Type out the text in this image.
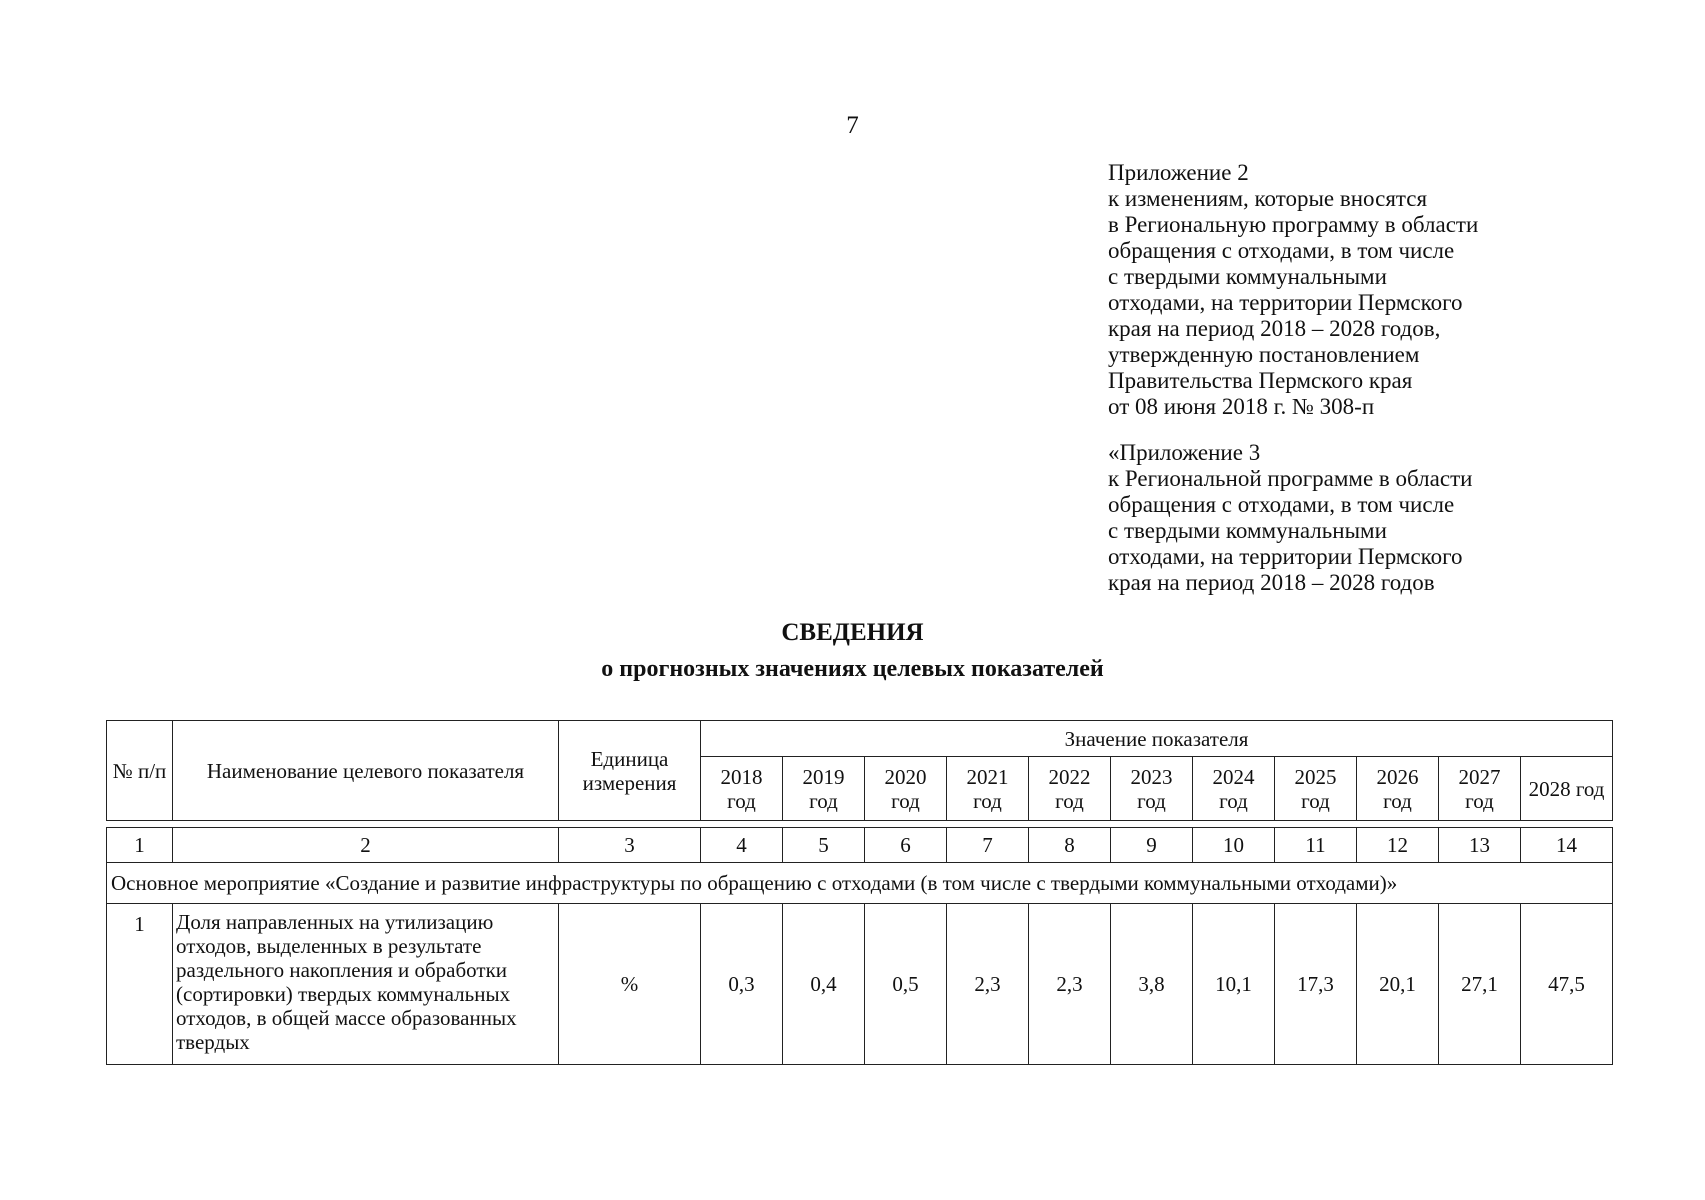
7
Приложение 2
к изменениям, которые вносятся
в Региональную программу в области
обращения с отходами, в том числе
с твердыми коммунальными
отходами, на территории Пермского
края на период 2018 – 2028 годов,
утвержденную постановлением
Правительства Пермского края
от 08 июня 2018 г. № 308-п
«Приложение 3
к Региональной программе в области
обращения с отходами, в том числе
с твердыми коммунальными
отходами, на территории Пермского
края на период 2018 – 2028 годов
СВЕДЕНИЯ
о прогнозных значениях целевых показателей
№ п/п	Наименование целевого показателя	Единица измерения	Значение показателя										
			2018 год	2019 год	2020 год	2021 год	2022 год	2023 год	2024 год	2025 год	2026 год	2027 год	2028 год

1	2	3	4	5	6	7	8	9	10	11	12	13	14
Основное мероприятие «Создание и развитие инфраструктуры по обращению с отходами (в том числе с твердыми коммунальными отходами)»													
1	Доля направленных на утилизацию отходов, выделенных в результате раздельного накопления и обработки (сортировки) твердых коммунальных отходов, в общей массе образованных твердых	%	0,3	0,4	0,5	2,3	2,3	3,8	10,1	17,3	20,1	27,1	47,5
